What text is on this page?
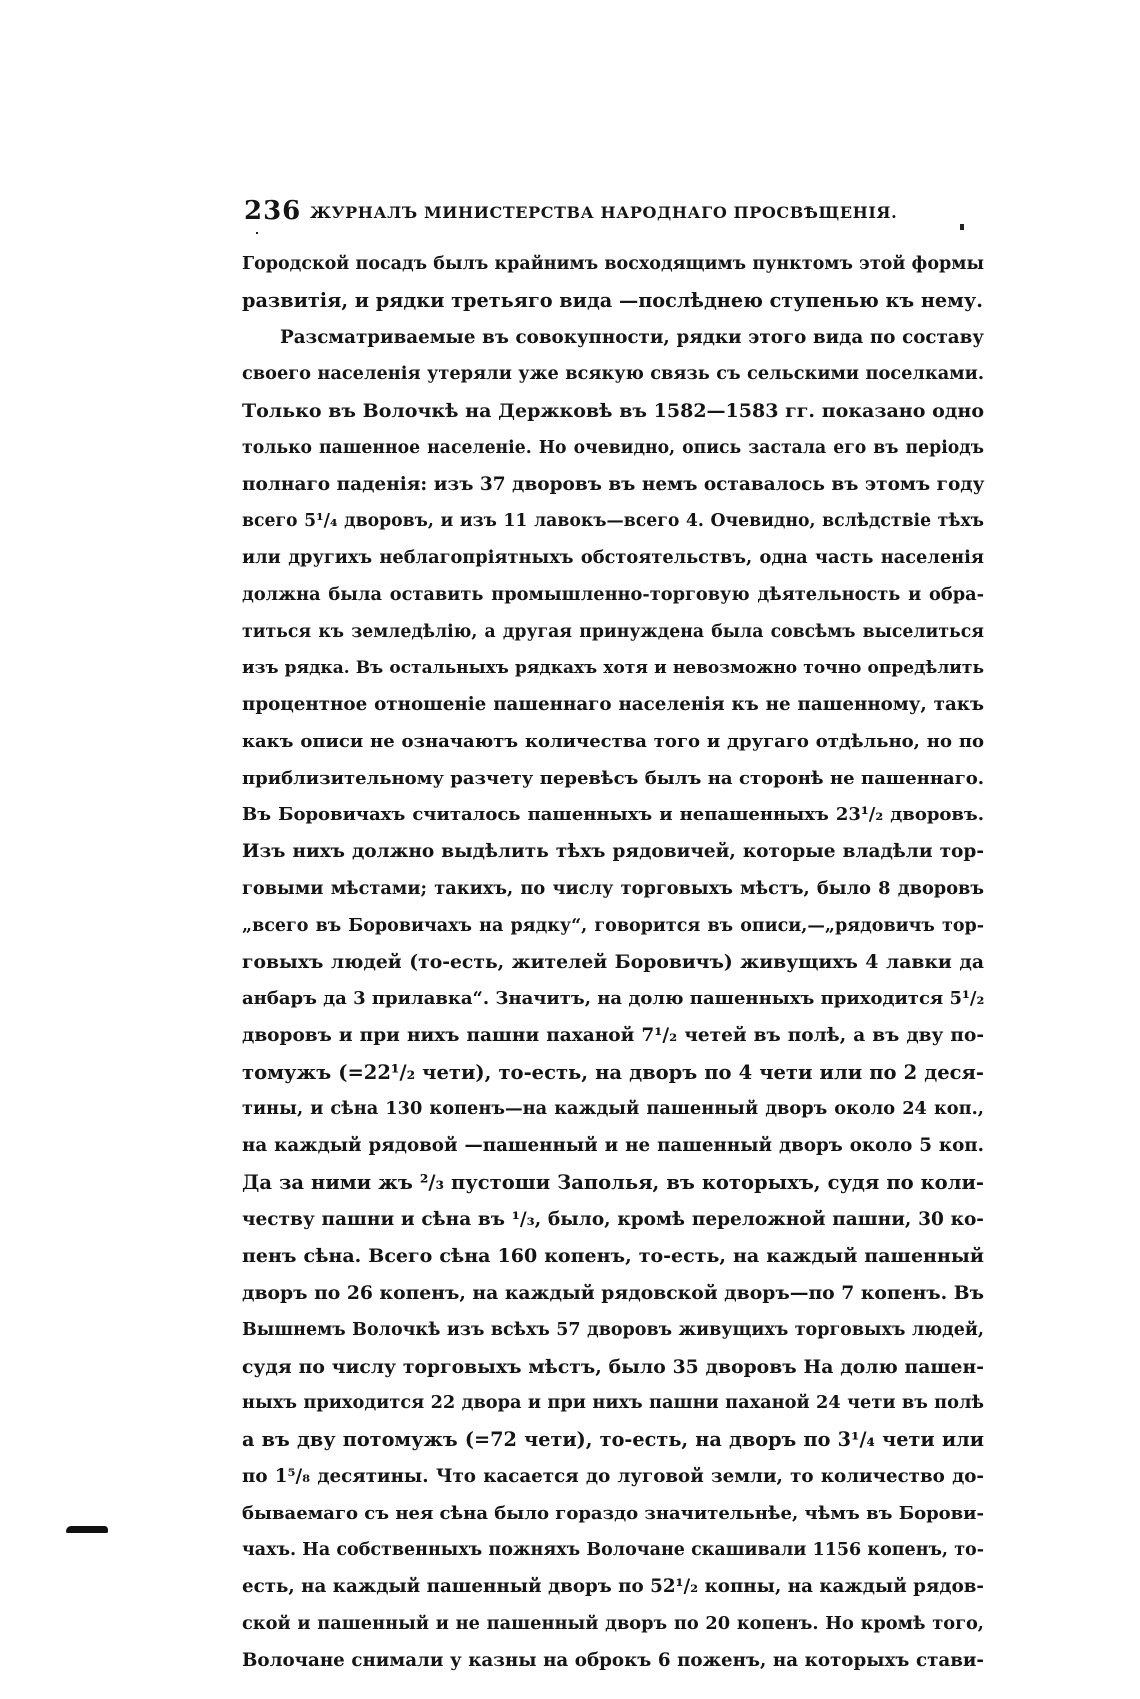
236 ЖУРНАЛЪ МИНИСТЕРСТВА НАРОДНАГО ПРОСВѢЩЕНІЯ.
Городской посадъ былъ крайнимъ восходящимъ пунктомъ этой формы
развитія, и рядки третьяго вида —послѣднею ступенью къ нему.
Разсматриваемые въ совокупности, рядки этого вида по составу
своего населенія утеряли уже всякую связь съ сельскими поселками.
Только въ Волочкѣ на Держковѣ въ 1582—1583 гг. показано одно
только пашенное населеніе. Но очевидно, опись застала его въ періодъ
полнаго паденія: изъ 37 дворовъ въ немъ оставалось въ этомъ году
всего 5¹/₄ дворовъ, и изъ 11 лавокъ—всего 4. Очевидно, вслѣдствіе тѣхъ
или другихъ неблагопріятныхъ обстоятельствъ, одна часть населенія
должна была оставить промышленно-торговую дѣятельность и обра-
титься къ земледѣлію, а другая принуждена была совсѣмъ выселиться
изъ рядка. Въ остальныхъ рядкахъ хотя и невозможно точно опредѣлить
процентное отношеніе пашеннаго населенія къ не пашенному, такъ
какъ описи не означаютъ количества того и другаго отдѣльно, но по
приблизительному разчету перевѣсъ былъ на сторонѣ не пашеннаго.
Въ Боровичахъ считалось пашенныхъ и непашенныхъ 23¹/₂ дворовъ.
Изъ нихъ должно выдѣлить тѣхъ рядовичей, которые владѣли тор-
говыми мѣстами; такихъ, по числу торговыхъ мѣстъ, было 8 дворовъ
„всего въ Боровичахъ на рядку“, говорится въ описи,—„рядовичъ тор-
говыхъ людей (то-есть, жителей Боровичъ) живущихъ 4 лавки да
анбаръ да 3 прилавка“. Значитъ, на долю пашенныхъ приходится 5¹/₂
дворовъ и при нихъ пашни паханой 7¹/₂ четей въ полѣ, а въ дву по-
томужъ (=22¹/₂ чети), то-есть, на дворъ по 4 чети или по 2 деся-
тины, и сѣна 130 копенъ—на каждый пашенный дворъ около 24 коп.,
на каждый рядовой —пашенный и не пашенный дворъ около 5 коп.
Да за ними жъ ²/₃ пустоши Заполья, въ которыхъ, судя по коли-
честву пашни и сѣна въ ¹/₃, было, кромѣ переложной пашни, 30 ко-
пенъ сѣна. Всего сѣна 160 копенъ, то-есть, на каждый пашенный
дворъ по 26 копенъ, на каждый рядовской дворъ—по 7 копенъ. Въ
Вышнемъ Волочкѣ изъ всѣхъ 57 дворовъ живущихъ торговыхъ людей,
судя по числу торговыхъ мѣстъ, было 35 дворовъ На долю пашен-
ныхъ приходится 22 двора и при нихъ пашни паханой 24 чети въ полѣ
а въ дву потомужъ (=72 чети), то-есть, на дворъ по 3¹/₄ чети или
по 1⁵/₈ десятины. Что касается до луговой земли, то количество до-
бываемаго съ нея сѣна было гораздо значительнѣе, чѣмъ въ Борови-
чахъ. На собственныхъ пожняхъ Волочане скашивали 1156 копенъ, то-
есть, на каждый пашенный дворъ по 52¹/₂ копны, на каждый рядов-
ской и пашенный и не пашенный дворъ по 20 копенъ. Но кромѣ того,
Волочане снимали у казны на оброкъ 6 поженъ, на которыхъ стави-
